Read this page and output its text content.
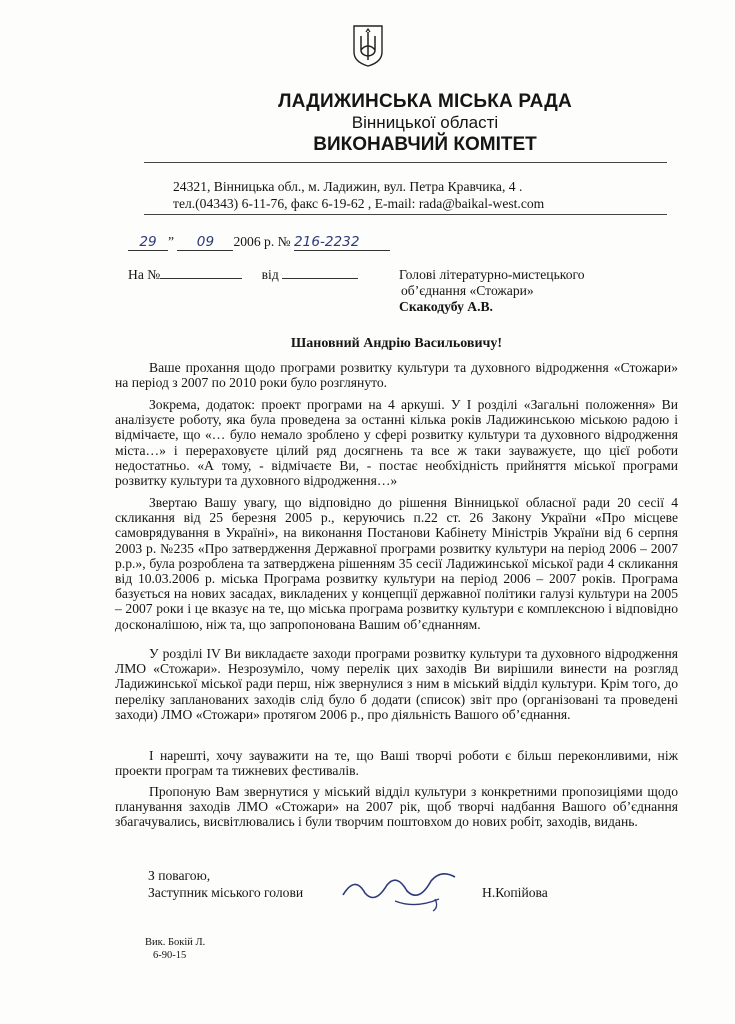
ЛАДИЖИНСЬКА МІСЬКА РАДА
Вінницької області
ВИКОНАВЧИЙ КОМІТЕТ
24321, Вінницька обл., м. Ладижин, вул. Петра Кравчика, 4 .
тел.(04343) 6-11-76, факс 6-19-62 , E-mail: rada@baikal-west.com
29 ” 09 2006 р. № 216-2232
На №	від	Голові літературно-мистецького
об’єднання «Стожари»
Скакодубу А.В.
Шановний Андрію Васильовичу!

Ваше прохання щодо програми розвитку культури та духовного відродження «Стожари» на період з 2007 по 2010 роки було розглянуто.

Зокрема, додаток: проект програми на 4 аркуші. У І розділі «Загальні положення» Ви аналізуєте роботу, яка була проведена за останні кілька років Ладижинською міською радою і відмічаєте, що «… було немало зроблено у сфері розвитку культури та духовного відродження міста…» і перераховуєте цілий ряд досягнень та все ж таки зауважуєте, що цієї роботи недостатньо. «А тому, - відмічаєте Ви, - постає необхідність прийняття міської програми розвитку культури та духовного відродження…»

Звертаю Вашу увагу, що відповідно до рішення Вінницької обласної ради 20 сесії 4 скликання від 25 березня 2005 р., керуючись п.22 ст. 26 Закону України «Про місцеве самоврядування в Україні», на виконання Постанови Кабінету Міністрів України від 6 серпня 2003 р. №235 «Про затвердження Державної програми розвитку культури на період 2006 – 2007 р.р.», була розроблена та затверджена рішенням 35 сесії Ладижинської міської ради 4 скликання від 10.03.2006 р. міська Програма розвитку культури на період 2006 – 2007 років. Програма базується на нових засадах, викладених у концепції державної політики галузі культури на 2005 – 2007 роки і це вказує на те, що міська програма розвитку культури є комплексною і відповідно досконалішою, ніж та, що запропонована Вашим об’єднанням.

У розділі ІV Ви викладаєте заходи програми розвитку культури та духовного відродження ЛМО «Стожари». Незрозуміло, чому перелік цих заходів Ви вирішили винести на розгляд Ладижинської міської ради перш, ніж звернулися з ним в міський відділ культури. Крім того, до переліку запланованих заходів слід було б додати (список) звіт про (організовані та проведені заходи) ЛМО «Стожари» протягом 2006 р., про діяльність Вашого об’єднання.

І нарешті, хочу зауважити на те, що Ваші творчі роботи є більш переконливими, ніж проекти програм та тижневих фестивалів.

Пропоную Вам звернутися у міський відділ культури з конкретними пропозиціями щодо планування заходів ЛМО «Стожари» на 2007 рік, щоб творчі надбання Вашого об’єднання збагачувались, висвітлювались і були творчим поштовхом до нових робіт, заходів, видань.

З повагою,
Заступник міського голови	Н.Копійова
Вик. Бокій Л.
6-90-15
